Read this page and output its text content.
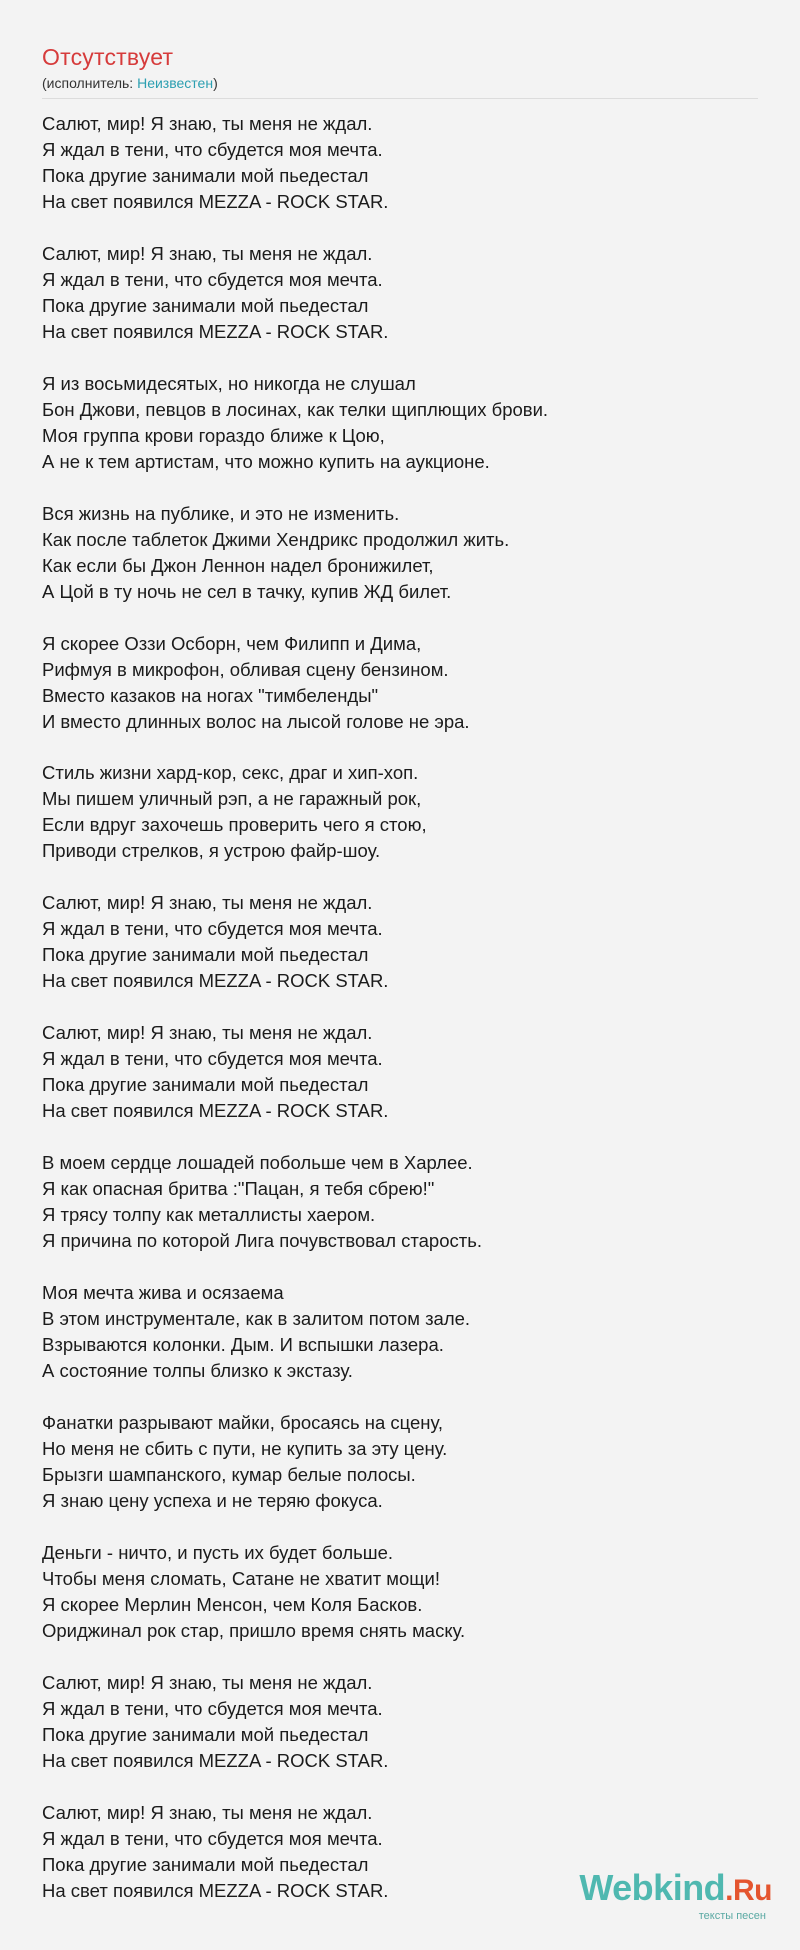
Отсутствует
(исполнитель: Неизвестен)
Салют, мир! Я знаю, ты меня не ждал.
Я ждал в тени, что сбудется моя мечта.
Пока другие занимали мой пьедестал
На свет появился MEZZA - ROCK STAR.
Салют, мир! Я знаю, ты меня не ждал.
Я ждал в тени, что сбудется моя мечта.
Пока другие занимали мой пьедестал
На свет появился MEZZA - ROCK STAR.
Я из восьмидесятых, но никогда не слушал
Бон Джови, певцов в лосинах, как телки щиплющих брови.
Моя группа крови гораздо ближе к Цою,
А не к тем артистам, что можно купить на аукционе.
Вся жизнь на публике, и это не изменить.
Как после таблеток Джими Хендрикс продолжил жить.
Как если бы Джон Леннон надел бронижилет,
А Цой в ту ночь не сел в тачку, купив ЖД билет.
Я скорее Оззи Осборн, чем Филипп и Дима,
Рифмуя в микрофон, обливая сцену бензином.
Вместо казаков на ногах "тимбеленды"
И вместо длинных волос на лысой голове не эра.
Стиль жизни хард-кор, секс, драг и хип-хоп.
Мы пишем уличный рэп, а не гаражный рок,
Если вдруг захочешь проверить чего я стою,
Приводи стрелков, я устрою файр-шоу.
Салют, мир! Я знаю, ты меня не ждал.
Я ждал в тени, что сбудется моя мечта.
Пока другие занимали мой пьедестал
На свет появился MEZZA - ROCK STAR.
Салют, мир! Я знаю, ты меня не ждал.
Я ждал в тени, что сбудется моя мечта.
Пока другие занимали мой пьедестал
На свет появился MEZZA - ROCK STAR.
В моем сердце лошадей побольше чем в Харлее.
Я как опасная бритва :"Пацан, я тебя сбрею!"
Я трясу толпу как металлисты хаером.
Я причина по которой Лига почувствовал старость.
Моя мечта жива и осязаема
В этом инструментале, как в залитом потом зале.
Взрываются колонки. Дым. И вспышки лазера.
А состояние толпы близко к экстазу.
Фанатки разрывают майки, бросаясь на сцену,
Но меня не сбить с пути, не купить за эту цену.
Брызги шампанского, кумар белые полосы.
Я знаю цену успеха и не теряю фокуса.
Деньги - ничто, и пусть их будет больше.
Чтобы меня сломать, Сатане не хватит мощи!
Я скорее Мерлин Менсон, чем Коля Басков.
Ориджинал рок стар, пришло время снять маску.
Салют, мир! Я знаю, ты меня не ждал.
Я ждал в тени, что сбудется моя мечта.
Пока другие занимали мой пьедестал
На свет появился MEZZA - ROCK STAR.
Салют, мир! Я знаю, ты меня не ждал.
Я ждал в тени, что сбудется моя мечта.
Пока другие занимали мой пьедестал
На свет появился MEZZA - ROCK STAR.	Webkind.Ru
тексты песен
